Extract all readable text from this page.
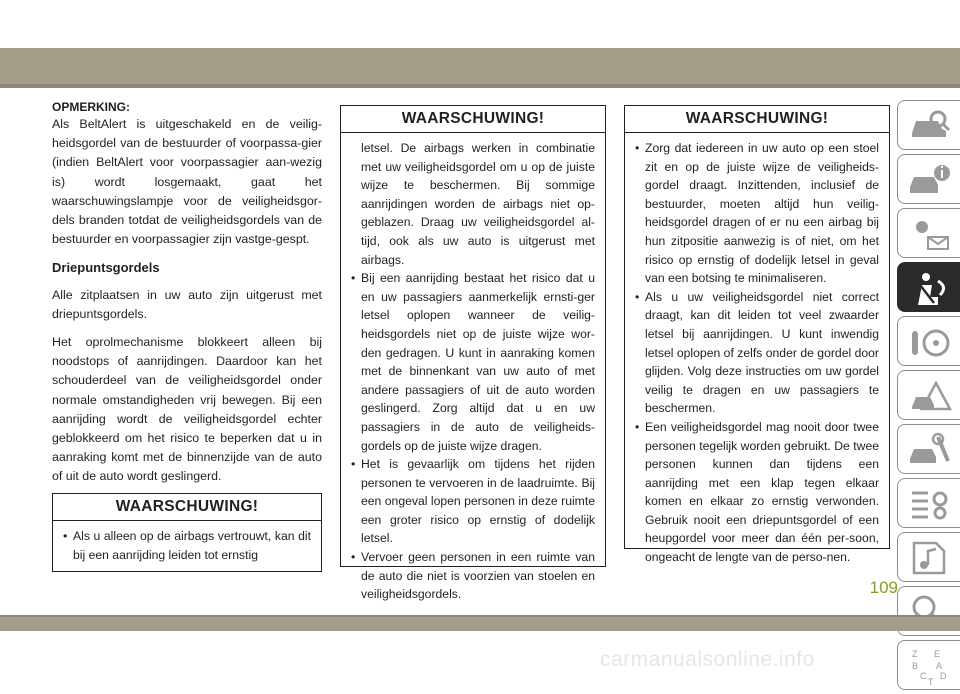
OPMERKING:

Als BeltAlert is uitgeschakeld en de veilig-heidsgordel van de bestuurder of voorpassa-gier (indien BeltAlert voor voorpassagier aan-wezig is) wordt losgemaakt, gaat het waarschuwingslampje voor de veiligheidsgor-dels branden totdat de veiligheidsgordels van de bestuurder en voorpassagier zijn vastge-gespt.

Driepuntsgordels

Alle zitplaatsen in uw auto zijn uitgerust met driepuntsgordels.

Het oprolmechanisme blokkeert alleen bij noodstops of aanrijdingen. Daardoor kan het schouderdeel van de veiligheidsgordel onder normale omstandigheden vrij bewegen. Bij een aanrijding wordt de veiligheidsgordel echter geblokkeerd om het risico te beperken dat u in aanraking komt met de binnenzijde van de auto of uit de auto wordt geslingerd.

WAARSCHUWING!
• Als u alleen op de airbags vertrouwt, kan dit bij een aanrijding leiden tot ernstig
WAARSCHUWING!
letsel. De airbags werken in combinatie met uw veiligheidsgordel om u op de juiste wijze te beschermen. Bij sommige aanrijdingen worden de airbags niet op-geblazen. Draag uw veiligheidsgordel al-tijd, ook als uw auto is uitgerust met airbags.
• Bij een aanrijding bestaat het risico dat u en uw passagiers aanmerkelijk ernsti-ger letsel oplopen wanneer de veilig-heidsgordels niet op de juiste wijze wor-den gedragen. U kunt in aanraking komen met de binnenkant van uw auto of met andere passagiers of uit de auto worden geslingerd. Zorg altijd dat u en uw passagiers in de auto de veiligheids-gordels op de juiste wijze dragen.
• Het is gevaarlijk om tijdens het rijden personen te vervoeren in de laadruimte. Bij een ongeval lopen personen in deze ruimte een groter risico op ernstig of dodelijk letsel.
• Vervoer geen personen in een ruimte van de auto die niet is voorzien van stoelen en veiligheidsgordels.
WAARSCHUWING!
• Zorg dat iedereen in uw auto op een stoel zit en op de juiste wijze de veiligheids-gordel draagt. Inzittenden, inclusief de bestuurder, moeten altijd hun veilig-heidsgordel dragen of er nu een airbag bij hun zitpositie aanwezig is of niet, om het risico op ernstig of dodelijk letsel in geval van een botsing te minimaliseren.
• Als u uw veiligheidsgordel niet correct draagt, kan dit leiden tot veel zwaarder letsel bij aanrijdingen. U kunt inwendig letsel oplopen of zelfs onder de gordel door glijden. Volg deze instructies om uw gordel veilig te dragen en uw passagiers te beschermen.
• Een veiligheidsgordel mag nooit door twee personen tegelijk worden gebruikt. De twee personen kunnen dan tijdens een aanrijding met een klap tegen elkaar komen en elkaar zo ernstig verwonden. Gebruik nooit een driepuntsgordel of een heupgordel voor meer dan één per-soon, ongeacht de lengte van de perso-nen.
Z E
B A
C D
T
109
carmanualsonline.info
